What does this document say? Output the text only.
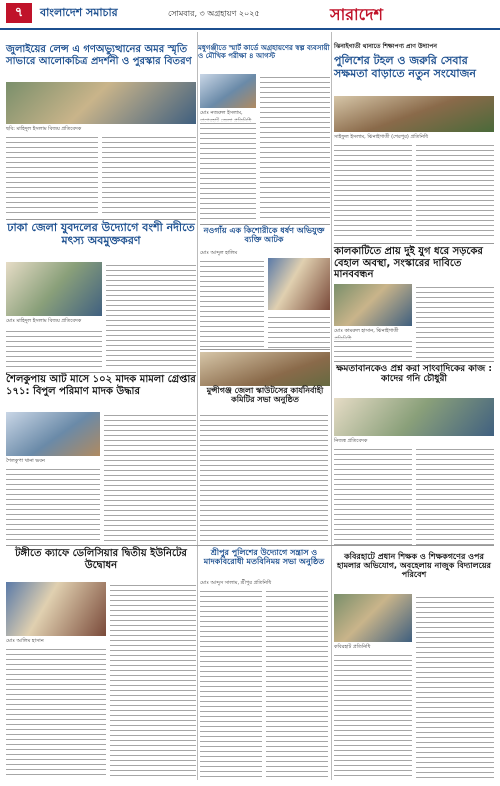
৭	বাংলাদেশ সমাচার	সোমবার, ৩ অগ্রহায়ণ ২০২৫	সারাদেশ
জুলাইয়ের লেন্স এ গণঅভ্যুত্থানের অমর স্মৃতি সাভারে আলোকচিত্র প্রদর্শনী ও পুরস্কার বিতরণ
ছবি: মাহিদুল ইসলাম বিজয় প্রতিবেদক
মধুগঞ্জীতে স্মার্ট কার্ডে অগ্রহায়ণের স্বল্প ব্যবসায়ী ও মৌখিক পরীক্ষা ৪ আগস্ট
মোঃ নজরুল ইসলাম,
ঝিনাইগাতী থানাতে শিক্ষাপণ্য প্রাণ উদ্যাপন
পুলিশের টহল ও জরুরি সেবার সক্ষমতা বাড়াতে নতুন সংযোজন
সাইফুল ইসলাম, ঝিনাইগাতী (শেরপুর) প্রতিনিধি
ঢাকা জেলা যুবদলের উদ্যোগে বংশী নদীতে মৎস্য অবমুক্তকরণ
মোঃ মাহিদুল ইসলাম বিজয় প্রতিবেদক
নওগাঁয় এক কিশোরীকে ধর্ষণ অভিযুক্ত ব্যক্তি আটক
মোঃ আব্দুল হালিম	কালকাটিতে প্রায় দুই যুগ ধরে সড়কের বেহাল অবস্থা, সংস্কারের দাবিতে মানববন্ধন
মোঃ কামরুল হাসান, ঝিনাইগাতী
শৈলকুপায় আট মাসে ১০২ মাদক মামলা গ্রেপ্তার ১৭১: বিপুল পরিমাণ মাদক উদ্ধার
শৈলকুপা থানা ভবন
মুন্সীগঞ্জ জেলা স্কাউটসের কার্যনির্বাহী কমিটির সভা অনুষ্ঠিত
ক্ষমতাবানকেও প্রশ্ন করা সাংবাদিকের কাজ : কাদের গনি চৌধুরী
নিজস্ব প্রতিবেদক
টঙ্গীতে ক্যাফে ডেলিসিয়ার দ্বিতীয় ইউনিটের উদ্বোধন
মোঃ আলিম হাসান
শ্রীপুর পুলিশের উদ্যোগে সন্ত্রাস ও মাদকবিরোধী মতবিনিময় সভা অনুষ্ঠিত
মোঃ আব্দুস সালাম, শ্রীপুর প্রতিনিধি
কবিরহাটে প্রধান শিক্ষক ও শিক্ষকগণের ওপর হামলার অভিযোগ, অবহেলায় নাজুক বিদ্যালয়ের পরিবেশ
কবিরহাট প্রতিনিধি
